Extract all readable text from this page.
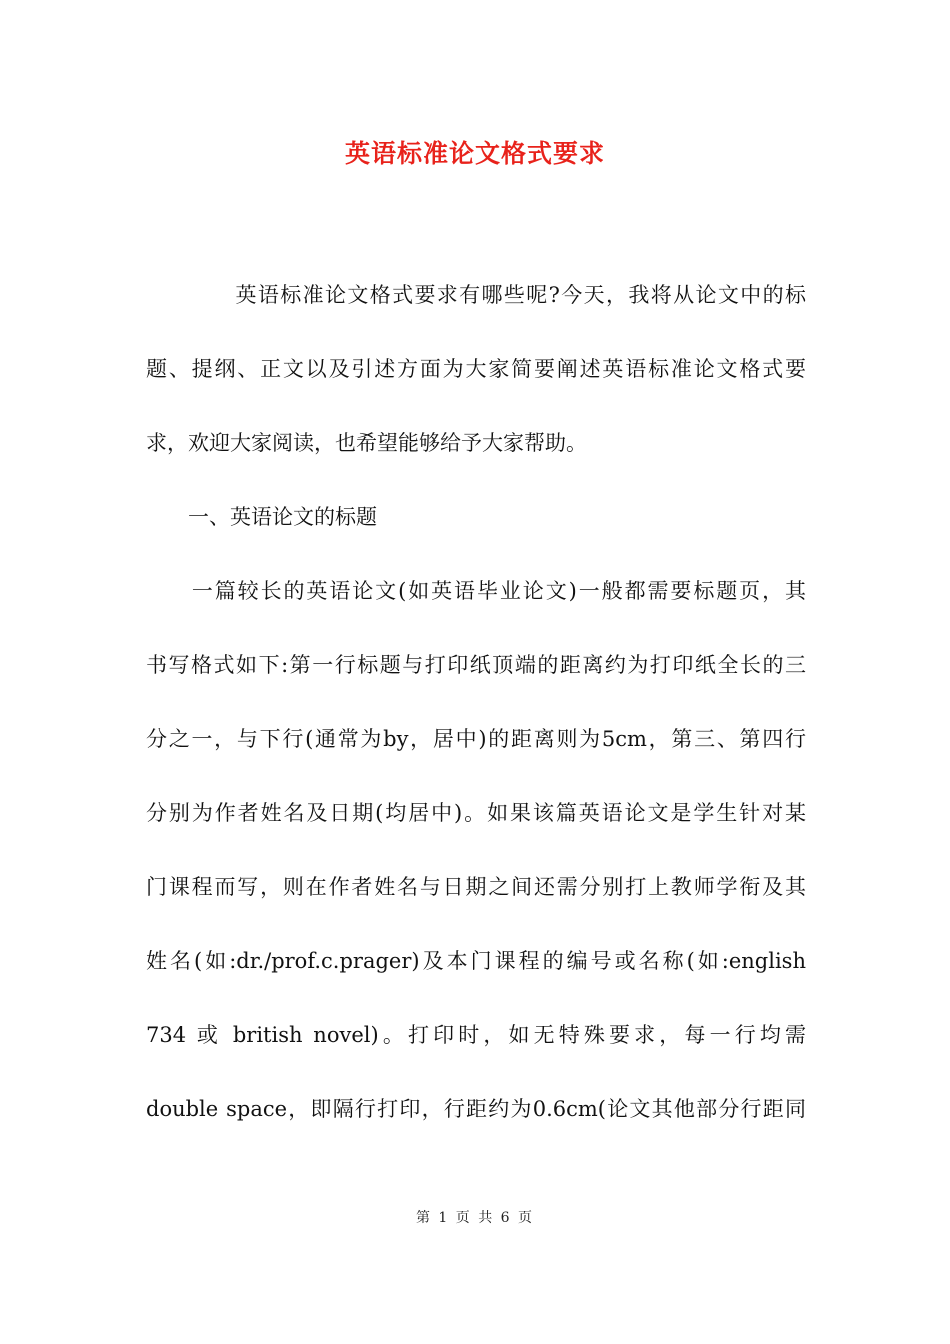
英语标准论文格式要求
　　　　英语标准论文格式要求有哪些呢?今天，我将从论文中的标
题、提纲、正文以及引述方面为大家简要阐述英语标准论文格式要
求，欢迎大家阅读，也希望能够给予大家帮助。
　　一、英语论文的标题
　　一篇较长的英语论文(如英语毕业论文)一般都需要标题页，其
书写格式如下:第一行标题与打印纸顶端的距离约为打印纸全长的三
分之一，与下行(通常为by，居中)的距离则为5cm，第三、第四行
分别为作者姓名及日期(均居中)。如果该篇英语论文是学生针对某
门课程而写，则在作者姓名与日期之间还需分别打上教师学衔及其
姓名(如:dr./prof.c.prager)及本门课程的编号或名称(如:english
734 或 british novel)。打印时，如无特殊要求，每一行均需
double space，即隔行打印，行距约为0.6cm(论文其他部分行距同
第 1 页 共 6 页
